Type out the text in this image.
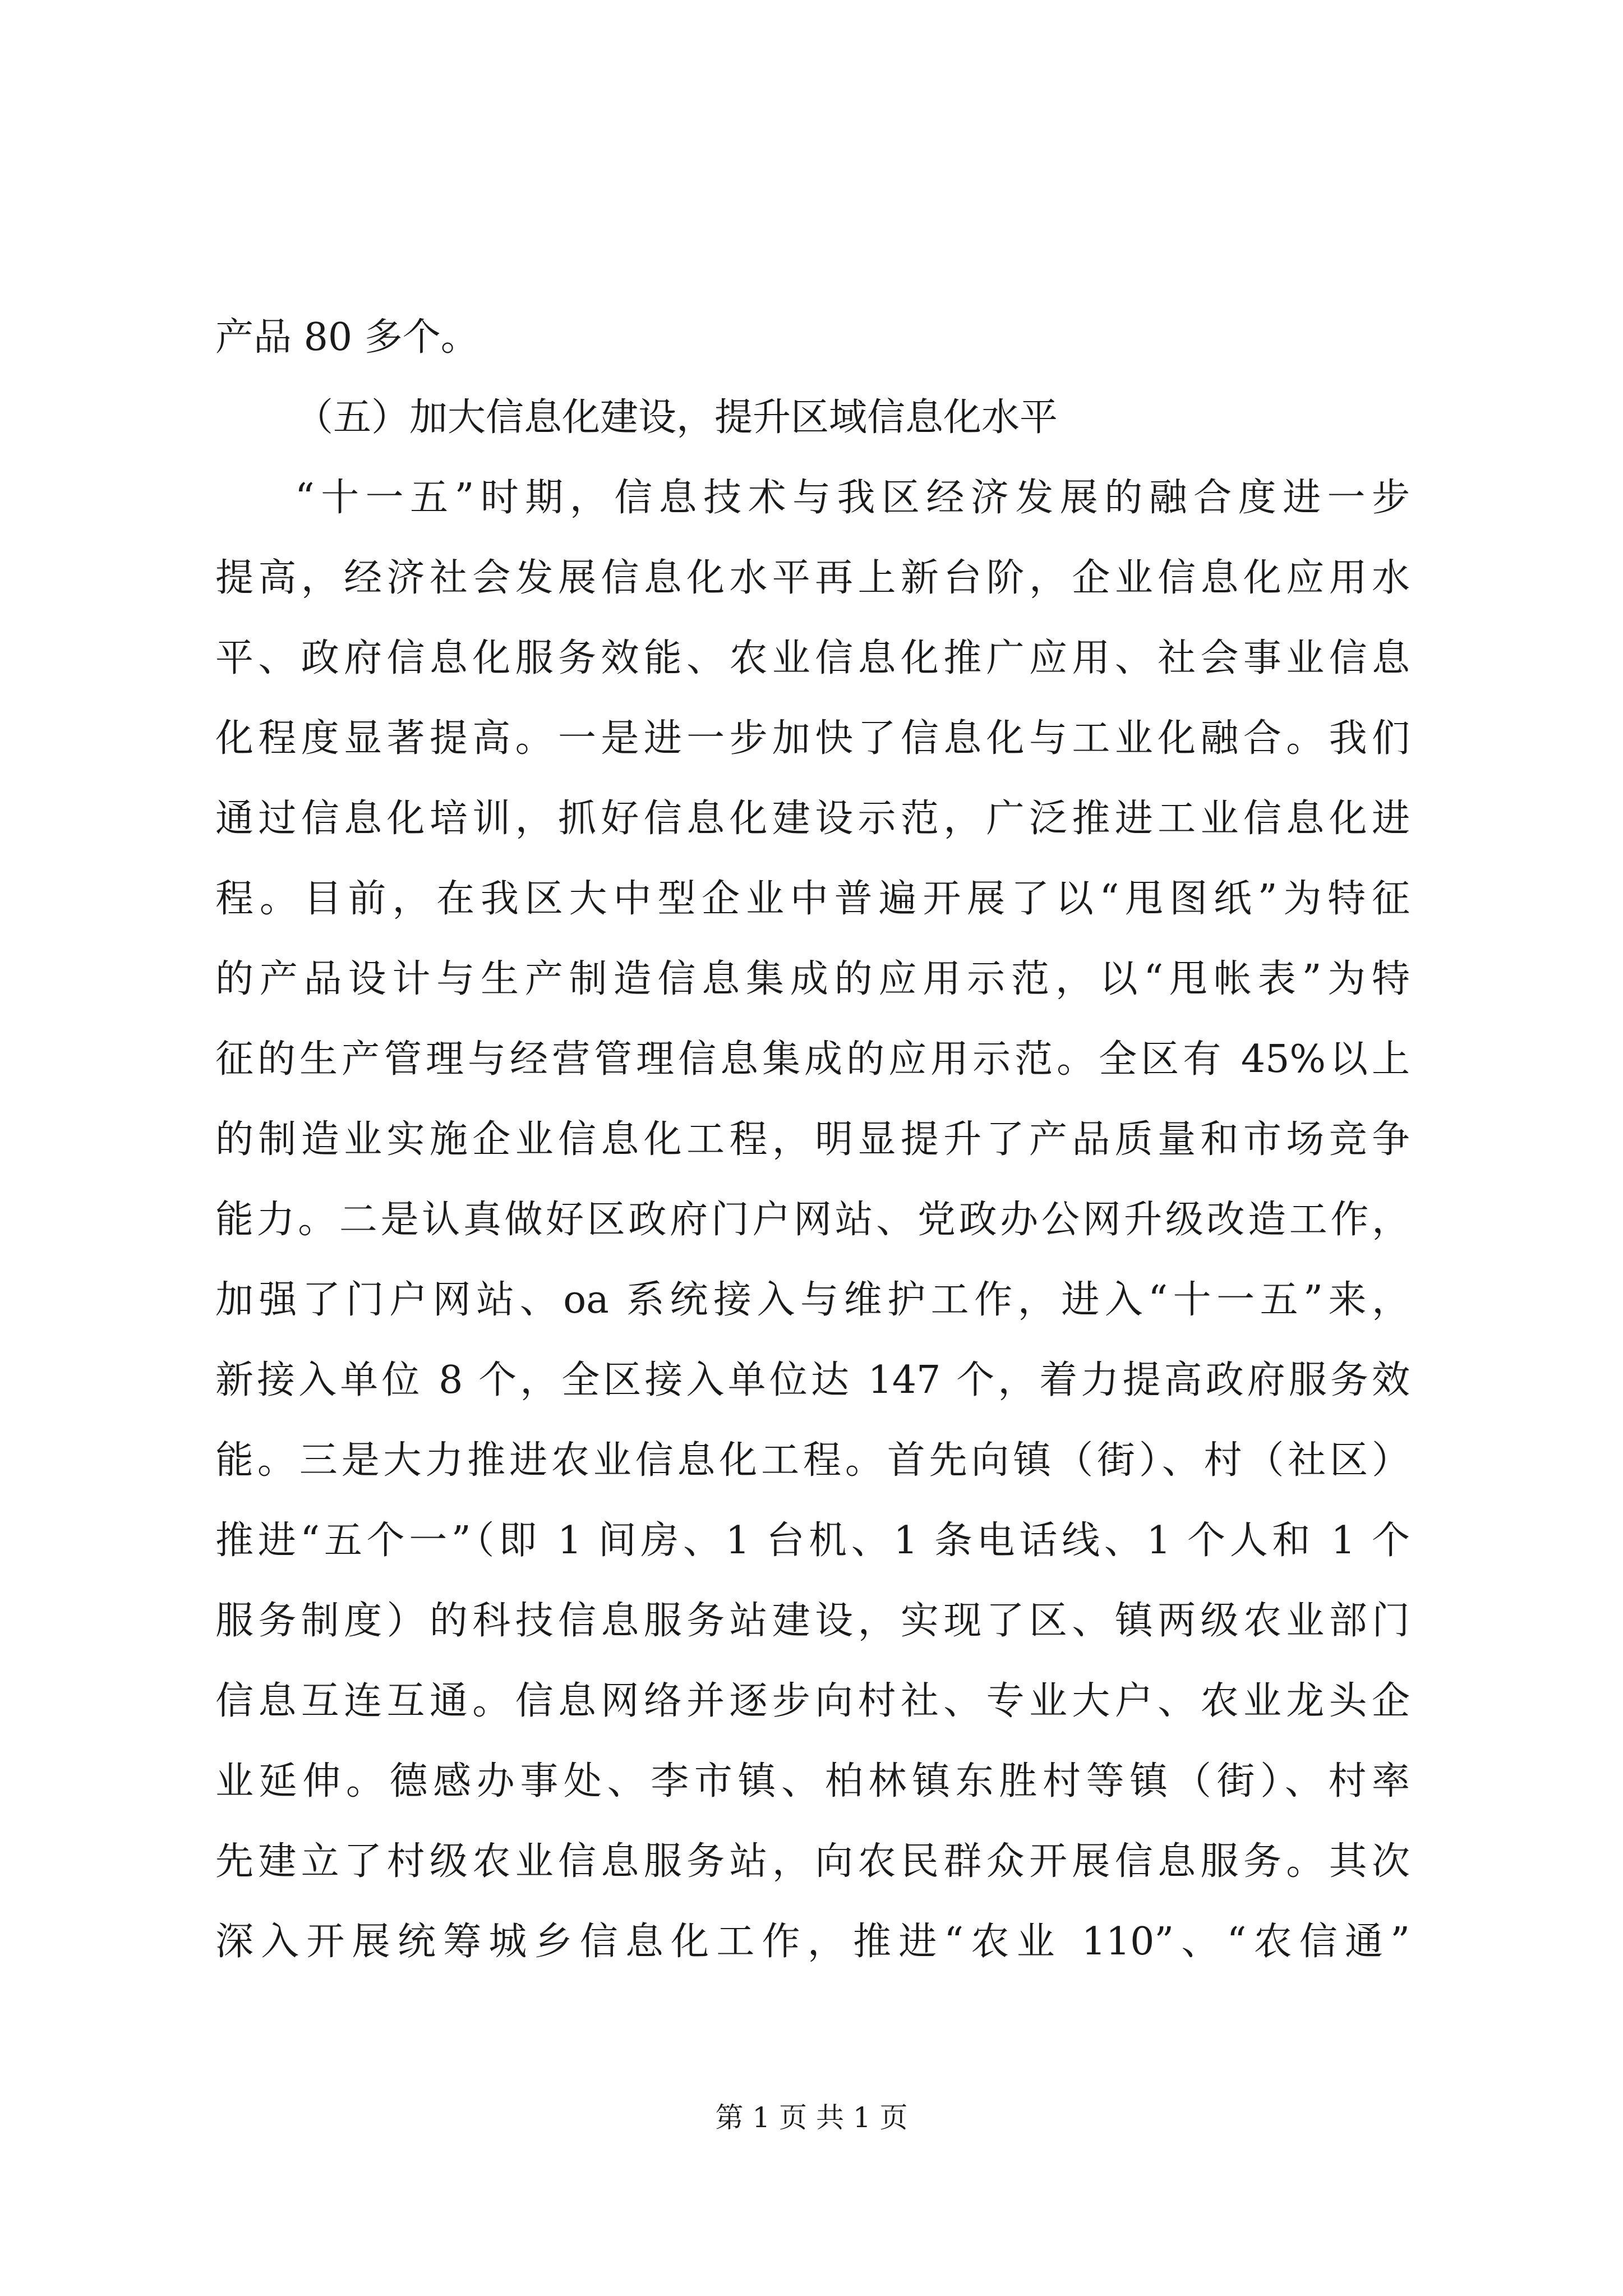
产品 80 多个。
（五）加大信息化建设，提升区域信息化水平
“十一五”时期，信息技术与我区经济发展的融合度进一步
提高，经济社会发展信息化水平再上新台阶，企业信息化应用水
平、政府信息化服务效能、农业信息化推广应用、社会事业信息
化程度显著提高。一是进一步加快了信息化与工业化融合。我们
通过信息化培训，抓好信息化建设示范，广泛推进工业信息化进
程。目前，在我区大中型企业中普遍开展了以“甩图纸”为特征
的产品设计与生产制造信息集成的应用示范，以“甩帐表”为特
征的生产管理与经营管理信息集成的应用示范。全区有 45%以上
的制造业实施企业信息化工程，明显提升了产品质量和市场竞争
能力。二是认真做好区政府门户网站、党政办公网升级改造工作，
加强了门户网站、oa 系统接入与维护工作，进入“十一五”来，
新接入单位 8 个，全区接入单位达 147 个，着力提高政府服务效
能。三是大力推进农业信息化工程。首先向镇（街）、村（社区）
推进“五个一”（即 1 间房、1 台机、1 条电话线、1 个人和 1 个
服务制度）的科技信息服务站建设，实现了区、镇两级农业部门
信息互连互通。信息网络并逐步向村社、专业大户、农业龙头企
业延伸。德感办事处、李市镇、柏林镇东胜村等镇（街）、村率
先建立了村级农业信息服务站，向农民群众开展信息服务。其次
深入开展统筹城乡信息化工作，推进“农业 110”、“农信通”
第 1 页 共 1 页
